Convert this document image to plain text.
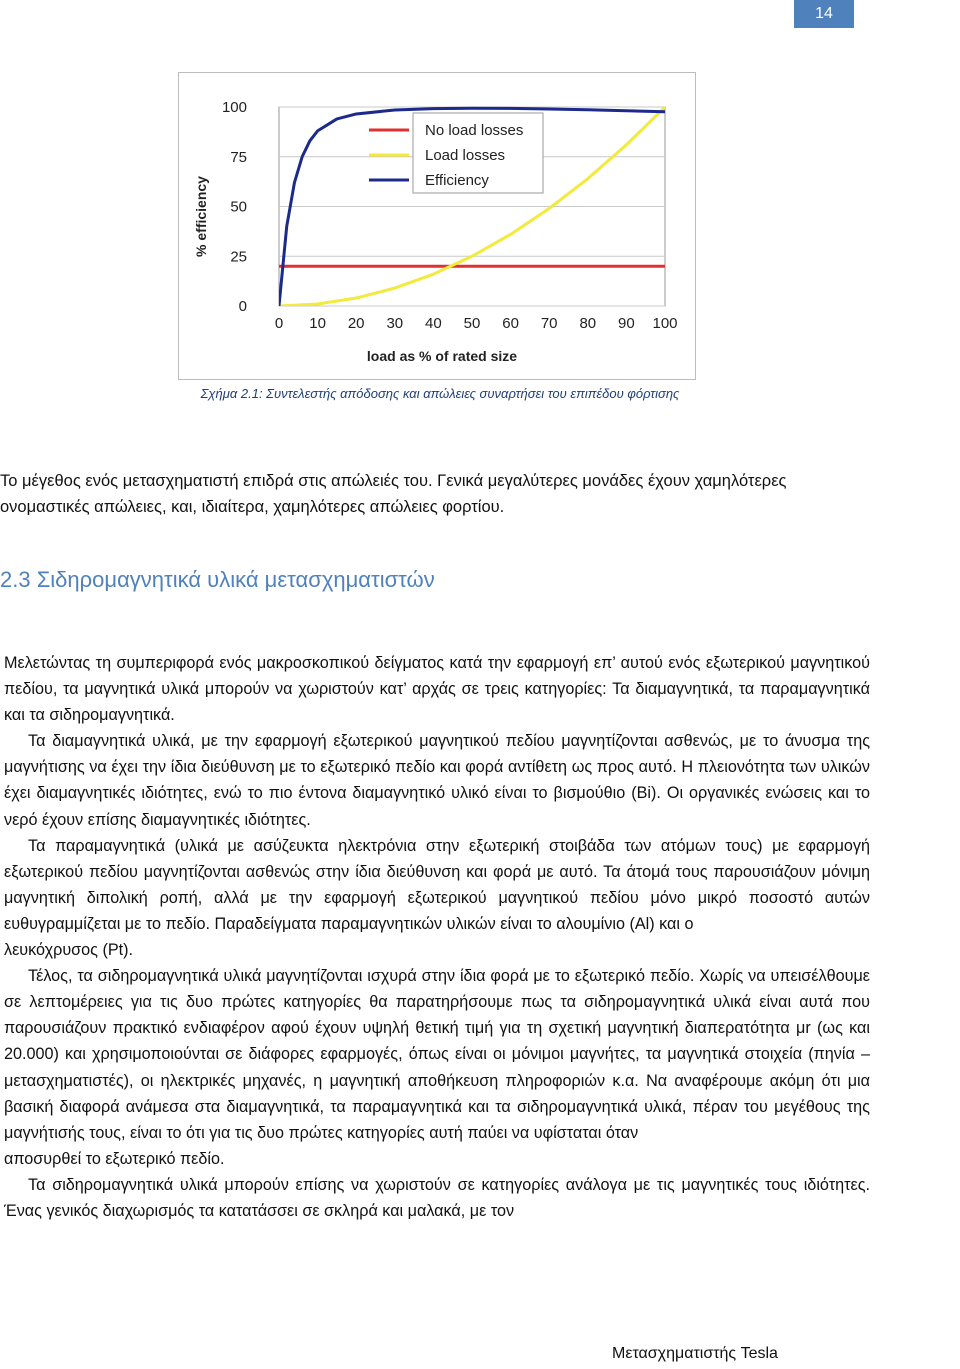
14
0
25
50
75
100
0 10 20 30 40 50 60 70 80 90 100
load as % of rated size
% efficiency
No load losses
Load losses
Efficiency
Σχήμα 2.1: Συντελεστής απόδοσης και απώλειες συναρτήσει του επιπέδου φόρτισης
Το μέγεθος ενός μετασχηματιστή επιδρά στις απώλειές του. Γενικά μεγαλύτερες μονάδες έχουν χαμηλότερες ονομαστικές απώλειες, και, ιδιαίτερα, χαμηλότερες απώλειες φορτίου.
2.3 Σιδηρομαγνητικά υλικά μετασχηματιστών

Μελετώντας τη συμπεριφορά ενός μακροσκοπικού δείγματος κατά την εφαρμογή επ’ αυτού ενός εξωτερικού μαγνητικού πεδίου, τα μαγνητικά υλικά μπορούν να χωριστούν κατ’ αρχάς σε τρεις κατηγορίες: Τα διαμαγνητικά, τα παραμαγνητικά και τα σιδηρομαγνητικά.

Τα διαμαγνητικά υλικά, με την εφαρμογή εξωτερικού μαγνητικού πεδίου μαγνητίζονται ασθενώς, με το άνυσμα της μαγνήτισης να έχει την ίδια διεύθυνση με το εξωτερικό πεδίο και φορά αντίθετη ως προς αυτό. Η πλειονότητα των υλικών έχει διαμαγνητικές ιδιότητες, ενώ το πιο έντονα διαμαγνητικό υλικό είναι το βισμούθιο (Bi). Οι οργανικές ενώσεις και το νερό έχουν επίσης διαμαγνητικές ιδιότητες.

Τα παραμαγνητικά (υλικά με ασύζευκτα ηλεκτρόνια στην εξωτερική στοιβάδα των ατόμων τους) με εφαρμογή εξωτερικού πεδίου μαγνητίζονται ασθενώς στην ίδια διεύθυνση και φορά με αυτό. Τα άτομά τους παρουσιάζουν μόνιμη μαγνητική διπολική ροπή, αλλά με την εφαρμογή εξωτερικού μαγνητικού πεδίου μόνο μικρό ποσοστό αυτών ευθυγραμμίζεται με το πεδίο. Παραδείγματα παραμαγνητικών υλικών είναι το αλουμίνιο (Al) και ο

λευκόχρυσος (Pt).

Τέλος, τα σιδηρομαγνητικά υλικά μαγνητίζονται ισχυρά στην ίδια φορά με το εξωτερικό πεδίο. Χωρίς να υπεισέλθουμε σε λεπτομέρειες για τις δυο πρώτες κατηγορίες θα παρατηρήσουμε πως τα σιδηρομαγνητικά υλικά είναι αυτά που παρουσιάζουν πρακτικό ενδιαφέρον αφού έχουν υψηλή θετική τιμή για τη σχετική μαγνητική διαπερατότητα μr (ως και 20.000) και χρησιμοποιούνται σε διάφορες εφαρμογές, όπως είναι οι μόνιμοι μαγνήτες, τα μαγνητικά στοιχεία (πηνία – μετασχηματιστές), οι ηλεκτρικές μηχανές, η μαγνητική αποθήκευση πληροφοριών κ.α. Να αναφέρουμε ακόμη ότι μια βασική διαφορά ανάμεσα στα διαμαγνητικά, τα παραμαγνητικά και τα σιδηρομαγνητικά υλικά, πέραν του μεγέθους της μαγνήτισής τους, είναι το ότι για τις δυο πρώτες κατηγορίες αυτή παύει να υφίσταται όταν

αποσυρθεί το εξωτερικό πεδίο.

Τα σιδηρομαγνητικά υλικά μπορούν επίσης να χωριστούν σε κατηγορίες ανάλογα με τις μαγνητικές τους ιδιότητες. Ένας γενικός διαχωρισμός τα κατατάσσει σε σκληρά και μαλακά, με τον

Μετασχηματιστής Tesla
